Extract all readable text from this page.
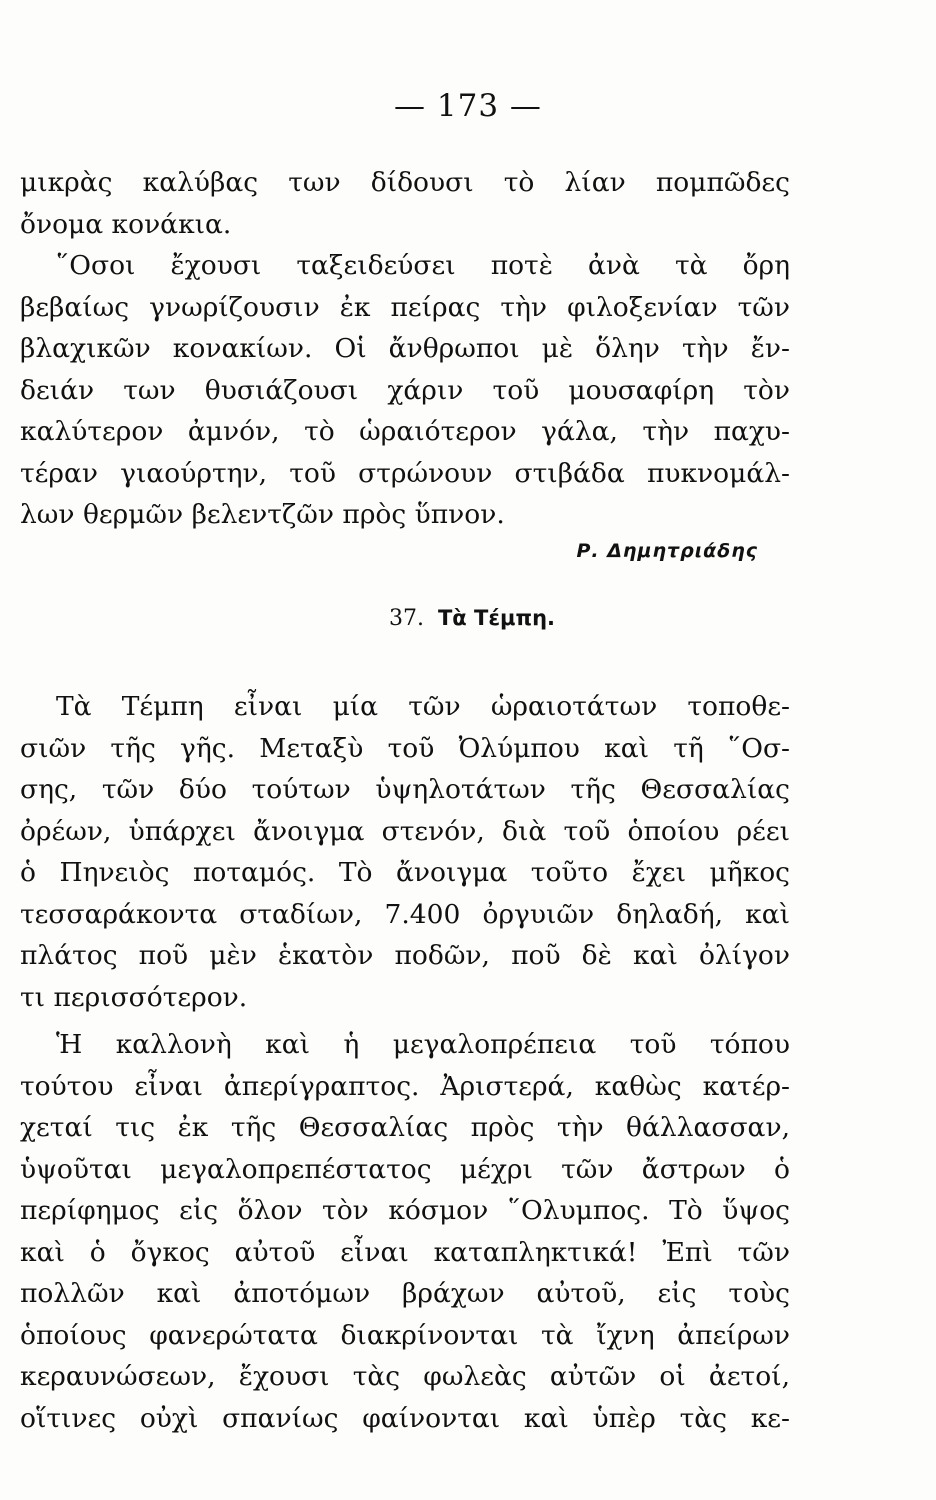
— 173 —
μικρὰς καλύβας των δίδουσι τὸ λίαν πομπῶδες
ὄνομα κονάκια.
῞Οσοι ἔχουσι ταξειδεύσει ποτὲ ἀνὰ τὰ ὄρη
βεβαίως γνωρίζουσιν ἐκ πείρας τὴν φιλοξενίαν τῶν
βλαχικῶν κονακίων. Οἱ ἄνθρωποι μὲ ὅλην τὴν ἔν-
δειάν των θυσιάζουσι χάριν τοῦ μουσαφίρη τὸν
καλύτερον ἀμνόν, τὸ ὡραιότερον γάλα, τὴν παχυ-
τέραν γιαούρτην, τοῦ στρώνουν στιβάδα πυκνομάλ-
λων θερμῶν βελεντζῶν πρὸς ὕπνον.
Ρ. Δημητριάδης
37. Τὰ Τέμπη.
Τὰ Τέμπη εἶναι μία τῶν ὡραιοτάτων τοποθε-
σιῶν τῆς γῆς. Μεταξὺ τοῦ Ὀλύμπου καὶ τῆ ῞Οσ-
σης, τῶν δύο τούτων ὑψηλοτάτων τῆς Θεσσαλίας
ὀρέων, ὑπάρχει ἄνοιγμα στενόν, διὰ τοῦ ὁποίου ρέει
ὁ Πηνειὸς ποταμός. Τὸ ἄνοιγμα τοῦτο ἔχει μῆκος
τεσσαράκοντα σταδίων, 7.400 ὀργυιῶν δηλαδή, καὶ
πλάτος ποῦ μὲν ἑκατὸν ποδῶν, ποῦ δὲ καὶ ὀλίγον
τι περισσότερον.
Ἡ καλλονὴ καὶ ἡ μεγαλοπρέπεια τοῦ τόπου
τούτου εἶναι ἀπερίγραπτος. Ἀριστερά, καθὼς κατέρ-
χεταί τις ἐκ τῆς Θεσσαλίας πρὸς τὴν θάλλασσαν,
ὑψοῦται μεγαλοπρεπέστατος μέχρι τῶν ἄστρων ὁ
περίφημος εἰς ὅλον τὸν κόσμον ῞Ολυμπος. Τὸ ὕψος
καὶ ὁ ὄγκος αὐτοῦ εἶναι καταπληκτικά! Ἐπὶ τῶν
πολλῶν καὶ ἀποτόμων βράχων αὐτοῦ, εἰς τοὺς
ὁποίους φανερώτατα διακρίνονται τὰ ἴχνη ἀπείρων
κεραυνώσεων, ἔχουσι τὰς φωλεὰς αὐτῶν οἱ ἀετοί,
οἵτινες οὐχὶ σπανίως φαίνονται καὶ ὑπὲρ τὰς κε-
